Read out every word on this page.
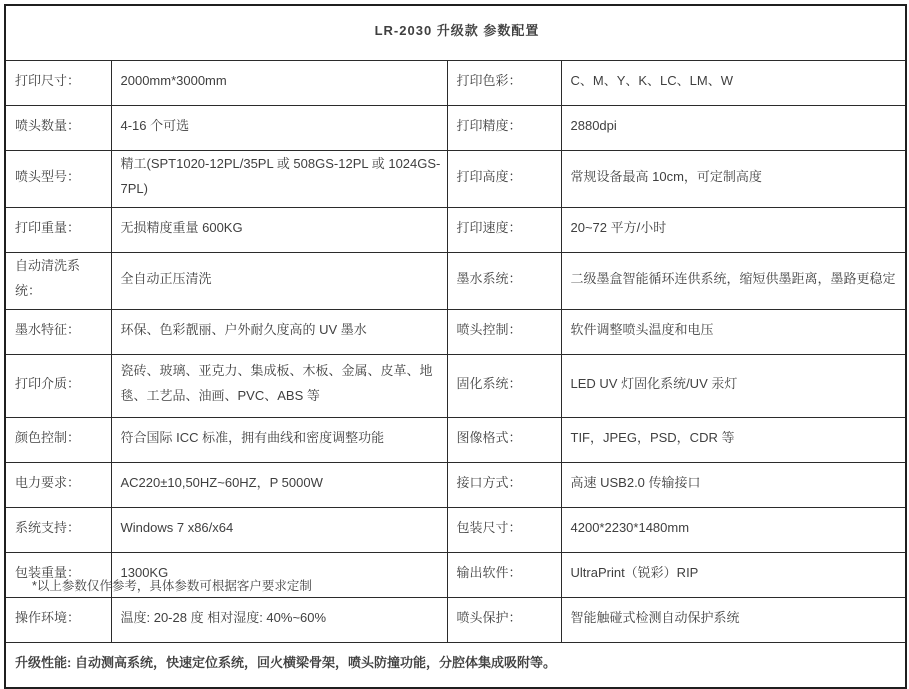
LR-2030 升级款 参数配置			
打印尺寸：	2000mm*3000mm	打印色彩：	C、M、Y、K、LC、LM、W
喷头数量：	4-16 个可选	打印精度：	2880dpi
喷头型号：	精工(SPT1020-12PL/35PL 或 508GS-12PL 或 1024GS-7PL)	打印高度：	常规设备最高 10cm，可定制高度
打印重量：	无损精度重量 600KG	打印速度：	20~72 平方/小时
自动清洗系统：	全自动正压清洗	墨水系统：	二级墨盒智能循环连供系统，缩短供墨距离，墨路更稳定
墨水特征：	环保、色彩靓丽、户外耐久度高的 UV 墨水	喷头控制：	软件调整喷头温度和电压
打印介质：	瓷砖、玻璃、亚克力、集成板、木板、金属、皮革、地毯、工艺品、油画、PVC、ABS 等	固化系统：	LED UV 灯固化系统/UV 汞灯
颜色控制：	符合国际 ICC 标准，拥有曲线和密度调整功能	图像格式：	TIF，JPEG，PSD，CDR 等
电力要求：	AC220±10,50HZ~60HZ，P 5000W	接口方式：	高速 USB2.0 传输接口
系统支持：	Windows 7 x86/x64	包装尺寸：	4200*2230*1480mm
包装重量：	1300KG	输出软件：	UltraPrint（锐彩）RIP
操作环境：	温度: 20-28 度 相对湿度: 40%~60%	喷头保护：	智能触碰式检测自动保护系统
升级性能: 自动测高系统，快速定位系统，回火横梁骨架，喷头防撞功能，分腔体集成吸附等。			
*以上参数仅作参考，具体参数可根据客户要求定制
